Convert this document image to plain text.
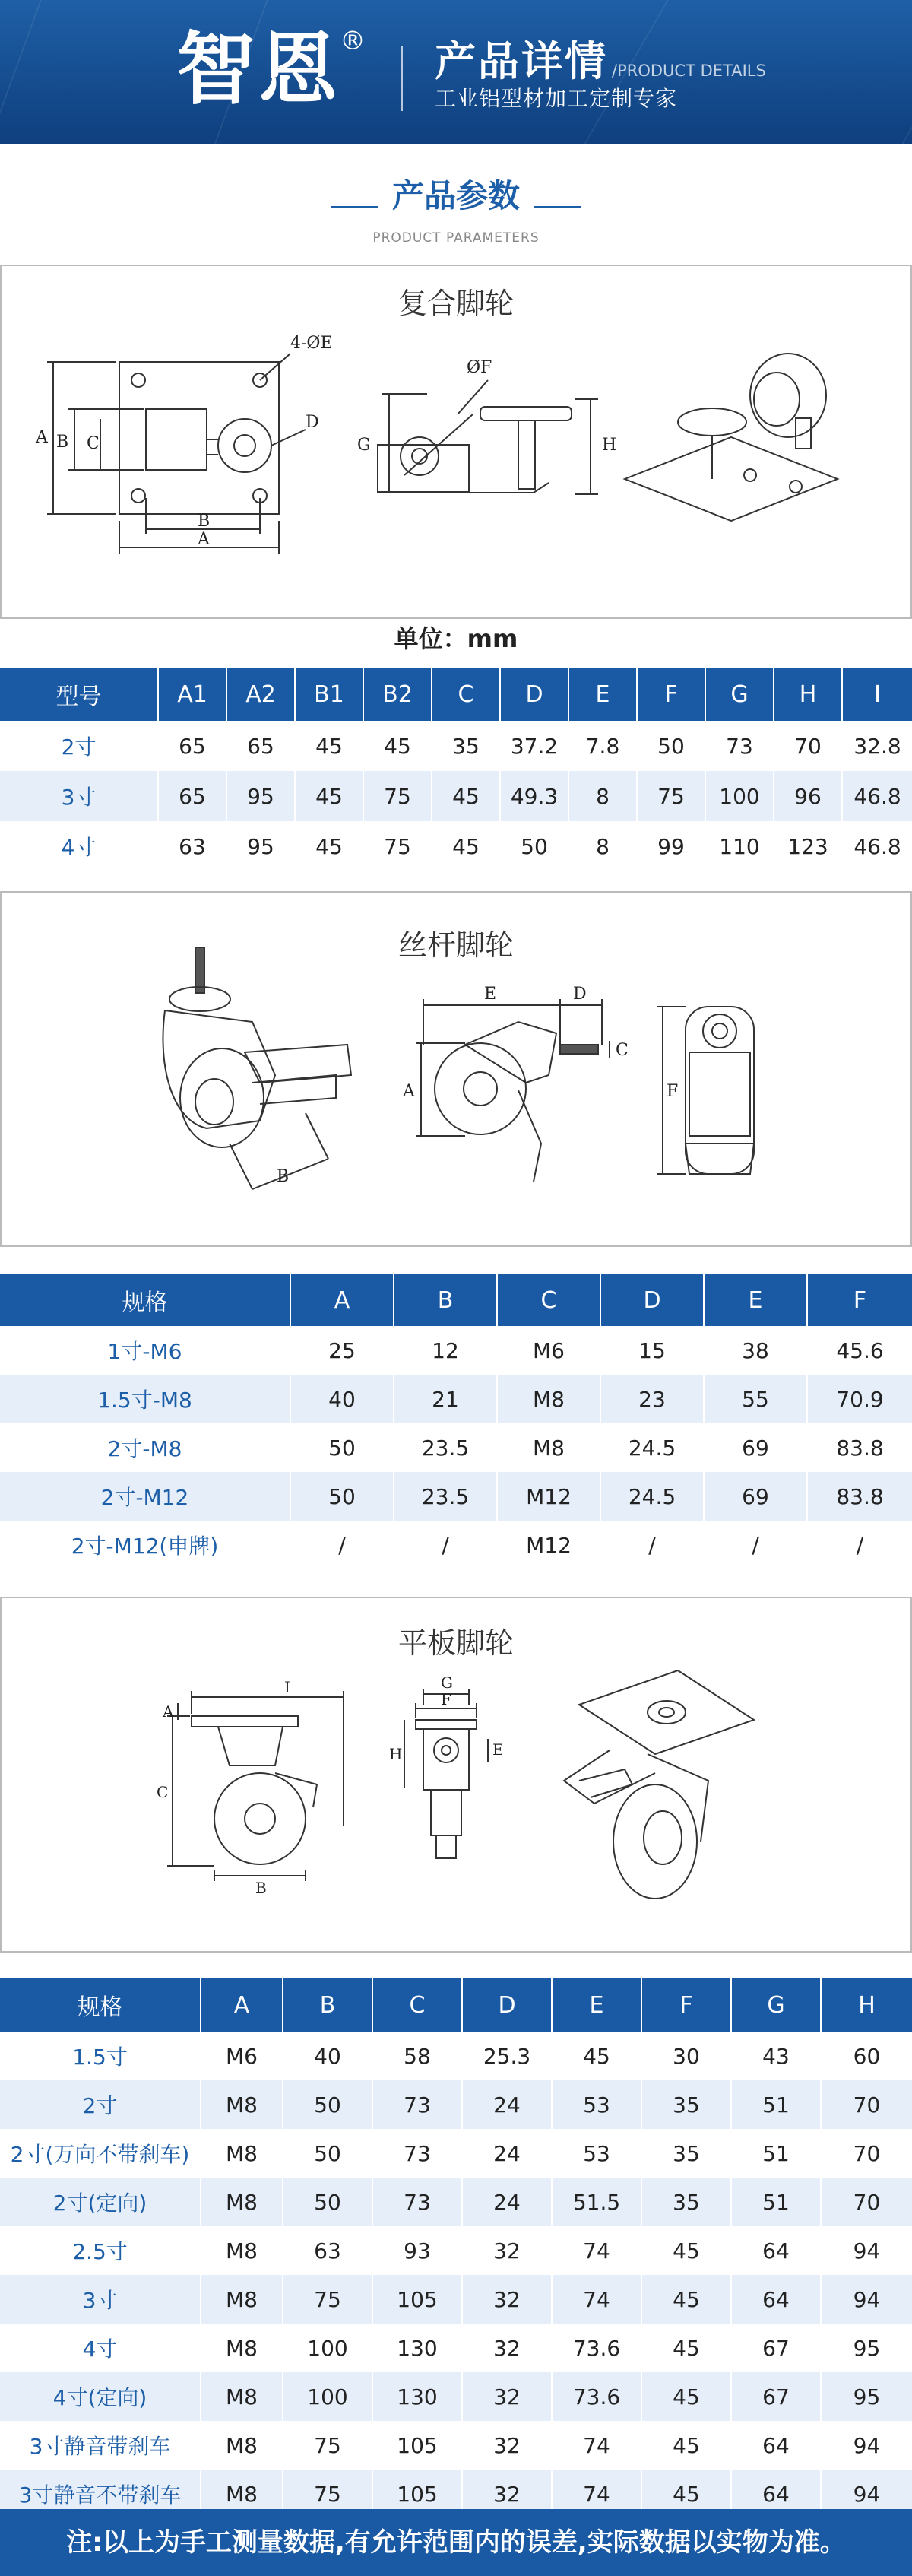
智恩
® 产品详情 /PRODUCT DETAILS
工业铝型材加工定制专家
产品参数
PRODUCT PARAMETERS
复合脚轮
A B C
D
4-ØE
B
A
ØF
G	H
单位：mm
型号	A1	A2	B1	B2	C	D	E	F	G	H	I
2寸	65	65	45	45	35	37.2	7.8	50	73	70	32.8
3寸	65	95	45	75	45	49.3	8	75	100	96	46.8
4寸	63	95	45	75	45	50	8	99	110	123	46.8
丝杆脚轮
B
A
E	D
C
F
规格	A	B	C	D	E	F
1寸-M6	25	12	M6	15	38	45.6
1.5寸-M8	40	21	M8	23	55	70.9
2寸-M8	50	23.5	M8	24.5	69	83.8
2寸-M12	50	23.5	M12	24.5	69	83.8
2寸-M12(申牌)	/	/	M12	/	/	/
平板脚轮
I
C
B
A
G
F
H	E
规格	A	B	C	D	E	F	G	H
1.5寸	M6	40	58	25.3	45	30	43	60
2寸	M8	50	73	24	53	35	51	70
2寸(万向不带刹车)	M8	50	73	24	53	35	51	70
2寸(定向)	M8	50	73	24	51.5	35	51	70
2.5寸	M8	63	93	32	74	45	64	94
3寸	M8	75	105	32	74	45	64	94
4寸	M8	100	130	32	73.6	45	67	95
4寸(定向)	M8	100	130	32	73.6	45	67	95
3寸静音带刹车	M8	75	105	32	74	45	64	94
3寸静音不带刹车	M8	75	105	32	74	45	64	94
注:以上为手工测量数据,有允许范围内的误差,实际数据以实物为准。
